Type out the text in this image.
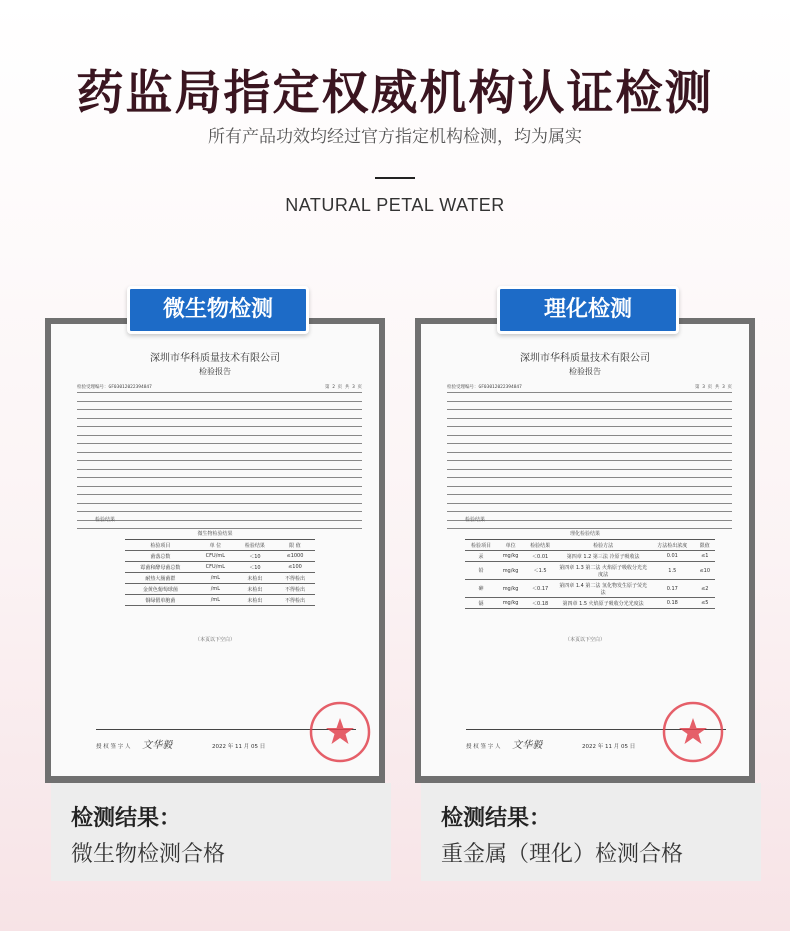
药监局指定权威机构认证检测
所有产品功效均经过官方指定机构检测，均为属实
NATURAL PETAL WATER
微生物检测
深圳市华科质量技术有限公司
检验报告
检验受理编号：GF03012022394847	第 2 页 共 3 页
检验结果
微生物检验结果
检验项目	单 位	检验结果	限 值
菌落总数	CFU/mL	＜10	≤1000
霉菌和酵母菌总数	CFU/mL	＜10	≤100
耐热大肠菌群	/mL	未检出	不得检出
金黄色葡萄球菌	/mL	未检出	不得检出
铜绿假单胞菌	/mL	未检出	不得检出
（本页以下空白）
授 权 签 字 人 文华毅	2022 年 11 月 05 日
检测结果：
微生物检测合格
理化检测
深圳市华科质量技术有限公司
检验报告
检验受理编号：GF03012022394847	第 3 页 共 3 页
检验结果
理化检验结果
检验项目	单位	检验结果	检验方法	方法检出浓度	限值
汞	mg/kg	＜0.01	第四章 1.2 第三法 冷原子吸收法	0.01	≤1
铅	mg/kg	＜1.5	第四章 1.3 第二法 火焰原子吸收分光光度法	1.5	≤10
砷	mg/kg	＜0.17	第四章 1.4 第二法 氢化物发生原子荧光法	0.17	≤2
镉	mg/kg	＜0.18	第四章 1.5 火焰原子吸收分光光度法	0.18	≤5
（本页以下空白）
授 权 签 字 人 文华毅	2022 年 11 月 05 日
检测结果：
重金属（理化）检测合格
